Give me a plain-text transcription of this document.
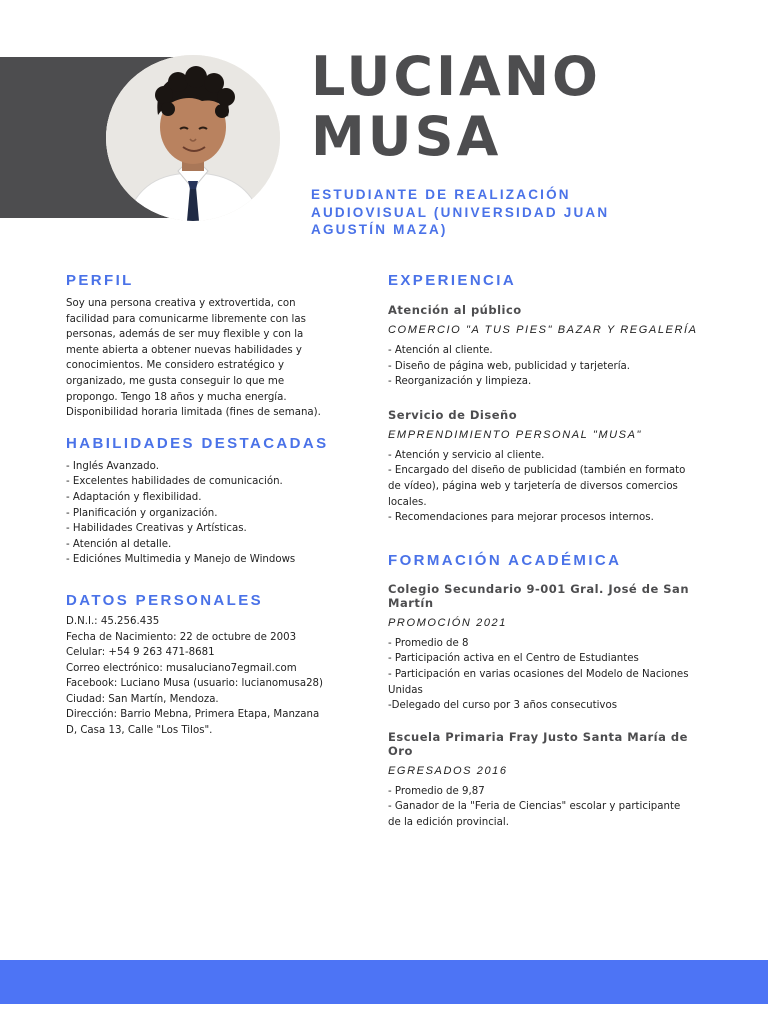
LUCIANO
MUSA
ESTUDIANTE DE REALIZACIÓN
AUDIOVISUAL (UNIVERSIDAD JUAN
AGUSTÍN MAZA)
PERFIL
Soy una persona creativa y extrovertida, con
facilidad para comunicarme libremente con las
personas, además de ser muy flexible y con la
mente abierta a obtener nuevas habilidades y
conocimientos. Me considero estratégico y
organizado, me gusta conseguir lo que me
propongo. Tengo 18 años y mucha energía.
Disponibilidad horaria limitada (fines de semana).
HABILIDADES DESTACADAS
- Inglés Avanzado.
- Excelentes habilidades de comunicación.
- Adaptación y flexibilidad.
- Planificación y organización.
- Habilidades Creativas y Artísticas.
- Atención al detalle.
- Ediciónes Multimedia y Manejo de Windows
DATOS PERSONALES
D.N.I.: 45.256.435
Fecha de Nacimiento: 22 de octubre de 2003
Celular: +54 9 263 471-8681
Correo electrónico: musaluciano7egmail.com
Facebook: Luciano Musa (usuario: lucianomusa28)
Ciudad: San Martín, Mendoza.
Dirección: Barrio Mebna, Primera Etapa, Manzana
D, Casa 13, Calle "Los Tilos".
EXPERIENCIA
Atención al público
COMERCIO "A TUS PIES" BAZAR Y REGALERÍA
- Atención al cliente.
- Diseño de página web, publicidad y tarjetería.
- Reorganización y limpieza.
Servicio de Diseño
EMPRENDIMIENTO PERSONAL "MUSA"
- Atención y servicio al cliente.
- Encargado del diseño de publicidad (también en formato
de vídeo), página web y tarjetería de diversos comercios
locales.
- Recomendaciones para mejorar procesos internos.
FORMACIÓN ACADÉMICA
Colegio Secundario 9-001 Gral. José de San
Martín
PROMOCIÓN 2021
- Promedio de 8
- Participación activa en el Centro de Estudiantes
- Participación en varias ocasiones del Modelo de Naciones
Unidas
-Delegado del curso por 3 años consecutivos
Escuela Primaria Fray Justo Santa María de
Oro
EGRESADOS 2016
- Promedio de 9,87
- Ganador de la "Feria de Ciencias" escolar y participante
de la edición provincial.
